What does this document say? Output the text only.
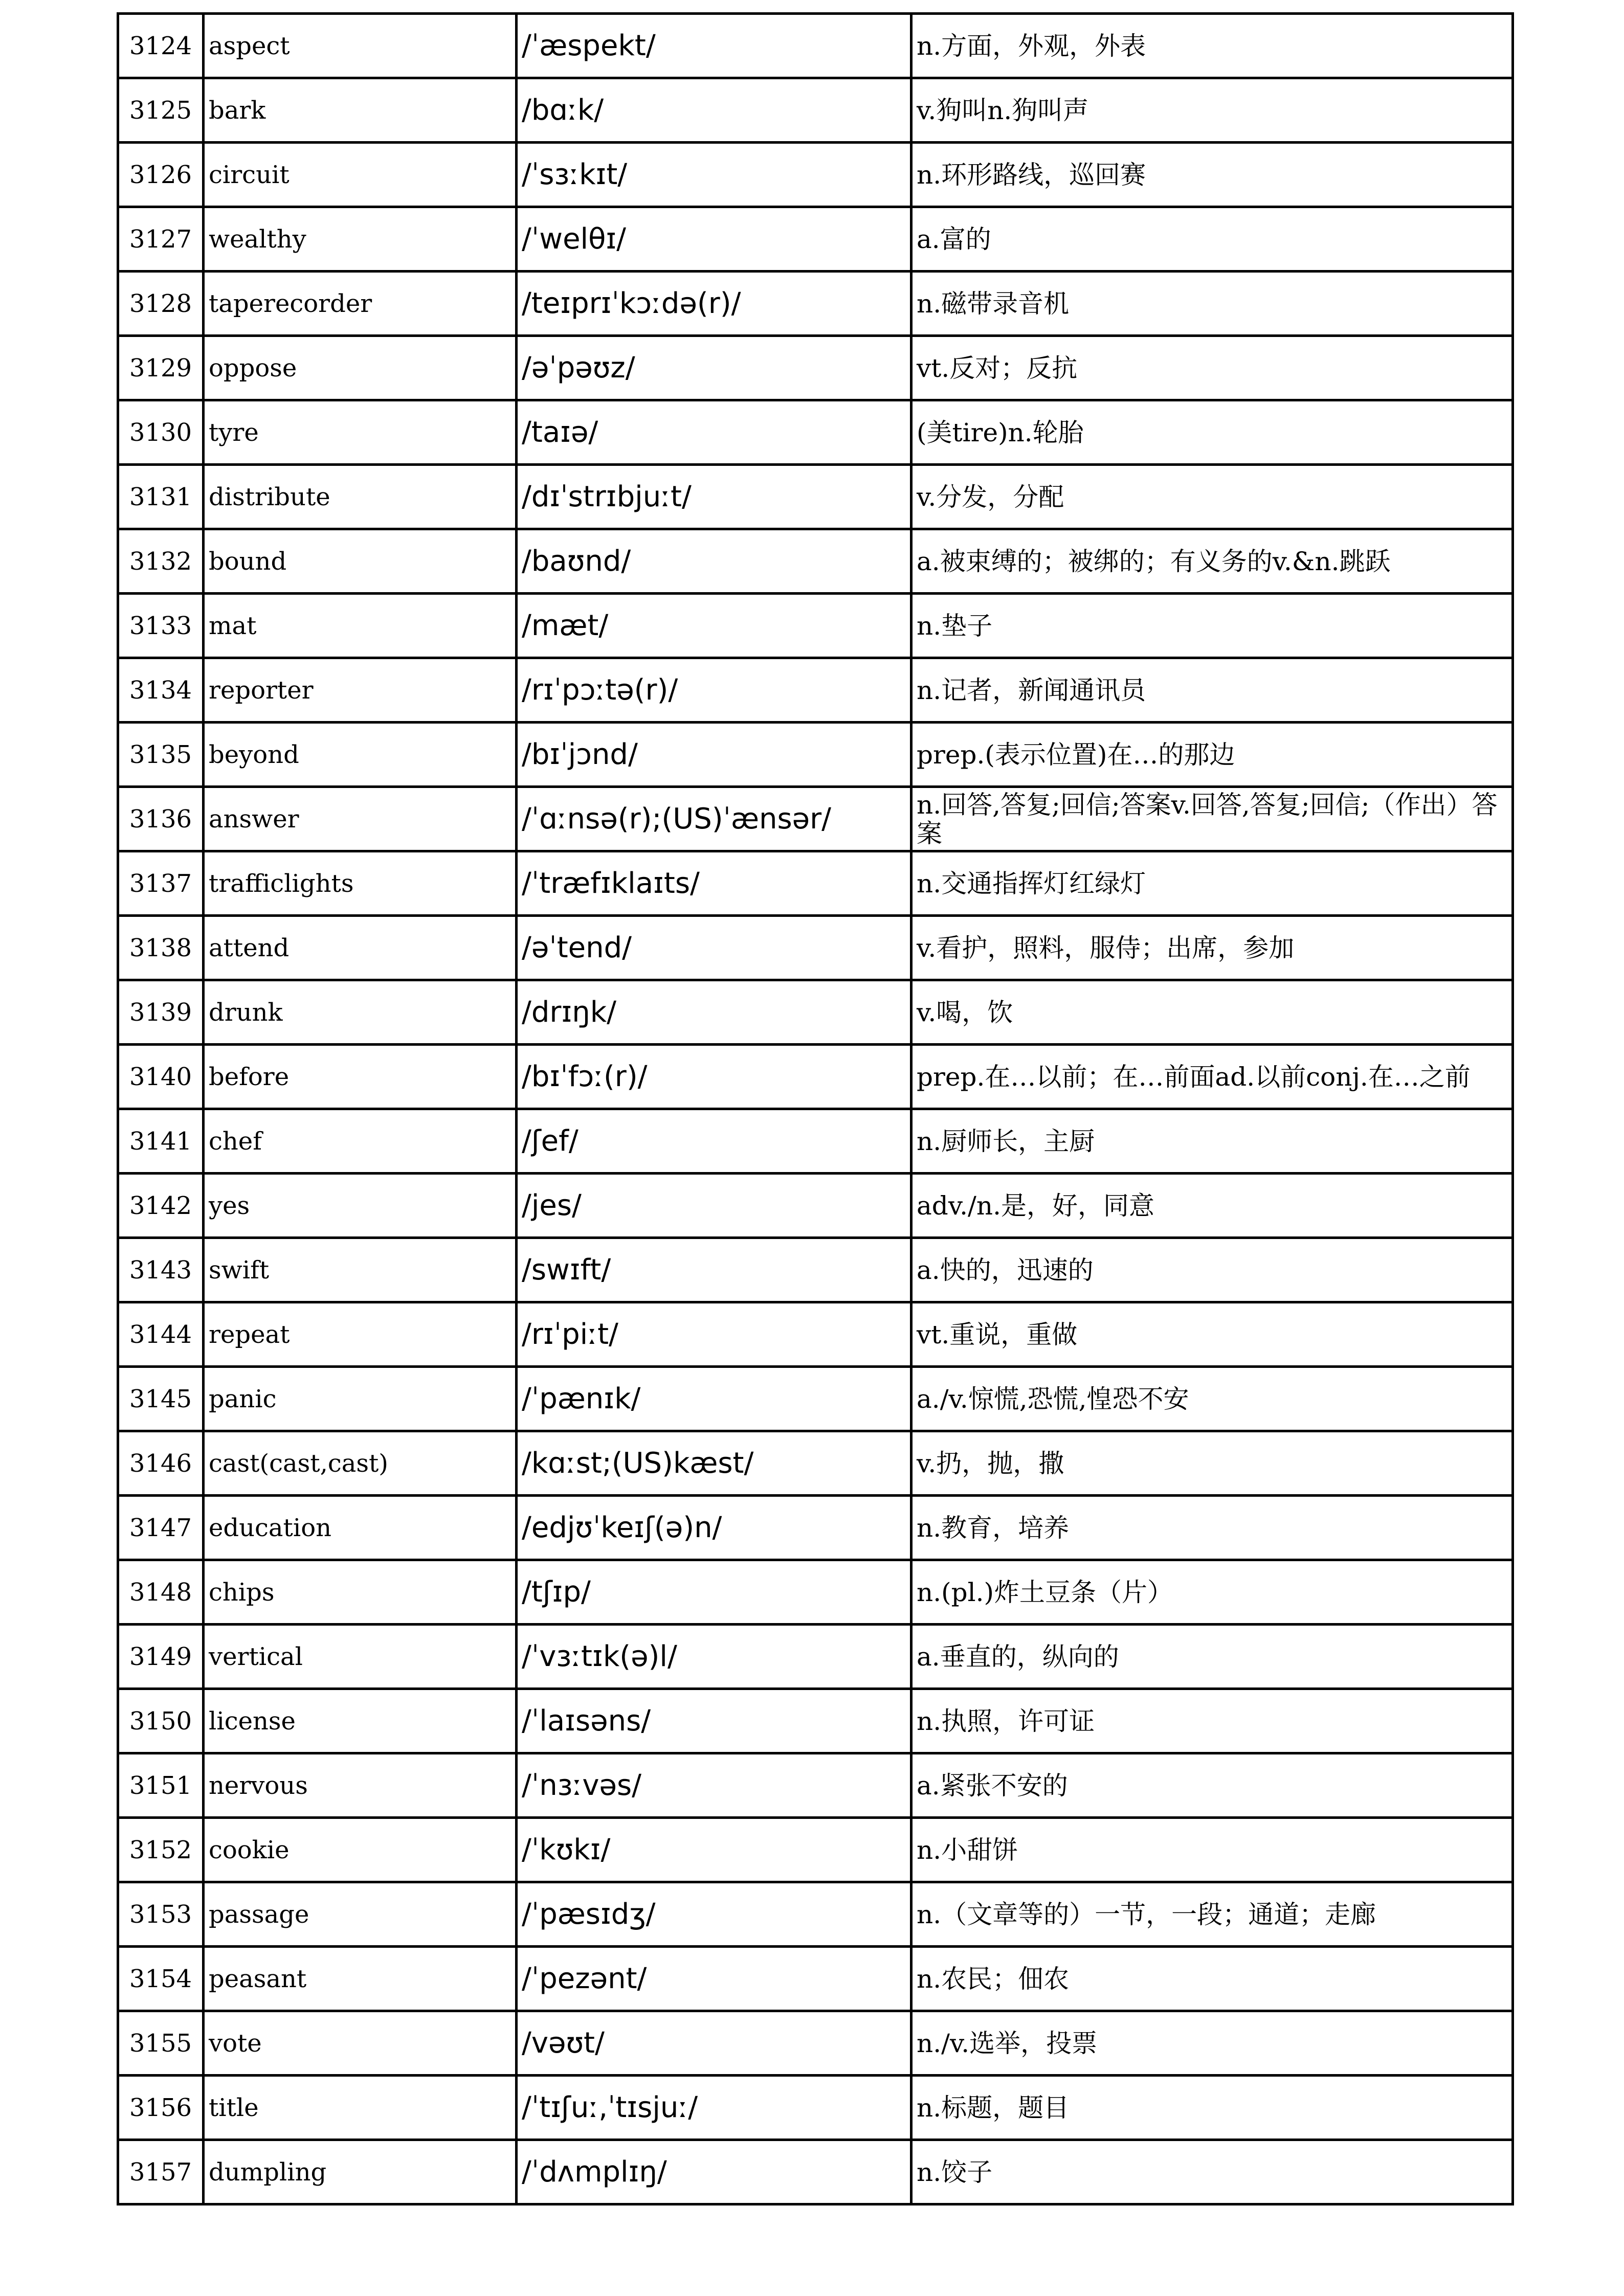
3124	aspect	/ˈæspekt/	n.方面，外观，外表
3125	bark	/bɑːk/	v.狗叫n.狗叫声
3126	circuit	/ˈsɜːkɪt/	n.环形路线，巡回赛
3127	wealthy	/ˈwelθɪ/	a.富的
3128	taperecorder	/teɪprɪˈkɔːdə(r)/	n.磁带录音机
3129	oppose	/əˈpəʊz/	vt.反对；反抗
3130	tyre	/taɪə/	(美tire)n.轮胎
3131	distribute	/dɪˈstrɪbjuːt/	v.分发，分配
3132	bound	/baʊnd/	a.被束缚的；被绑的；有义务的v.&n.跳跃
3133	mat	/mæt/	n.垫子
3134	reporter	/rɪˈpɔːtə(r)/	n.记者，新闻通讯员
3135	beyond	/bɪˈjɔnd/	prep.(表示位置)在…的那边
3136	answer	/ˈɑːnsə(r);(US)ˈænsər/	n.回答,答复;回信;答案v.回答,答复;回信;（作出）答案
3137	trafficlights	/ˈtræfɪklaɪts/	n.交通指挥灯红绿灯
3138	attend	/əˈtend/	v.看护，照料，服侍；出席，参加
3139	drunk	/drɪŋk/	v.喝，饮
3140	before	/bɪˈfɔː(r)/	prep.在…以前；在…前面ad.以前conj.在…之前
3141	chef	/ʃef/	n.厨师长，主厨
3142	yes	/jes/	adv./n.是，好，同意
3143	swift	/swɪft/	a.快的，迅速的
3144	repeat	/rɪˈpiːt/	vt.重说，重做
3145	panic	/ˈpænɪk/	a./v.惊慌,恐慌,惶恐不安
3146	cast(cast,cast)	/kɑːst;(US)kæst/	v.扔，抛，撒
3147	education	/edjʊˈkeɪʃ(ə)n/	n.教育，培养
3148	chips	/tʃɪp/	n.(pl.)炸土豆条（片）
3149	vertical	/ˈvɜːtɪk(ə)l/	a.垂直的，纵向的
3150	license	/ˈlaɪsəns/	n.执照，许可证
3151	nervous	/ˈnɜːvəs/	a.紧张不安的
3152	cookie	/ˈkʊkɪ/	n.小甜饼
3153	passage	/ˈpæsɪdʒ/	n.（文章等的）一节，一段；通道；走廊
3154	peasant	/ˈpezənt/	n.农民；佃农
3155	vote	/vəʊt/	n./v.选举，投票
3156	title	/ˈtɪʃuː,ˈtɪsjuː/	n.标题，题目
3157	dumpling	/ˈdʌmplɪŋ/	n.饺子
